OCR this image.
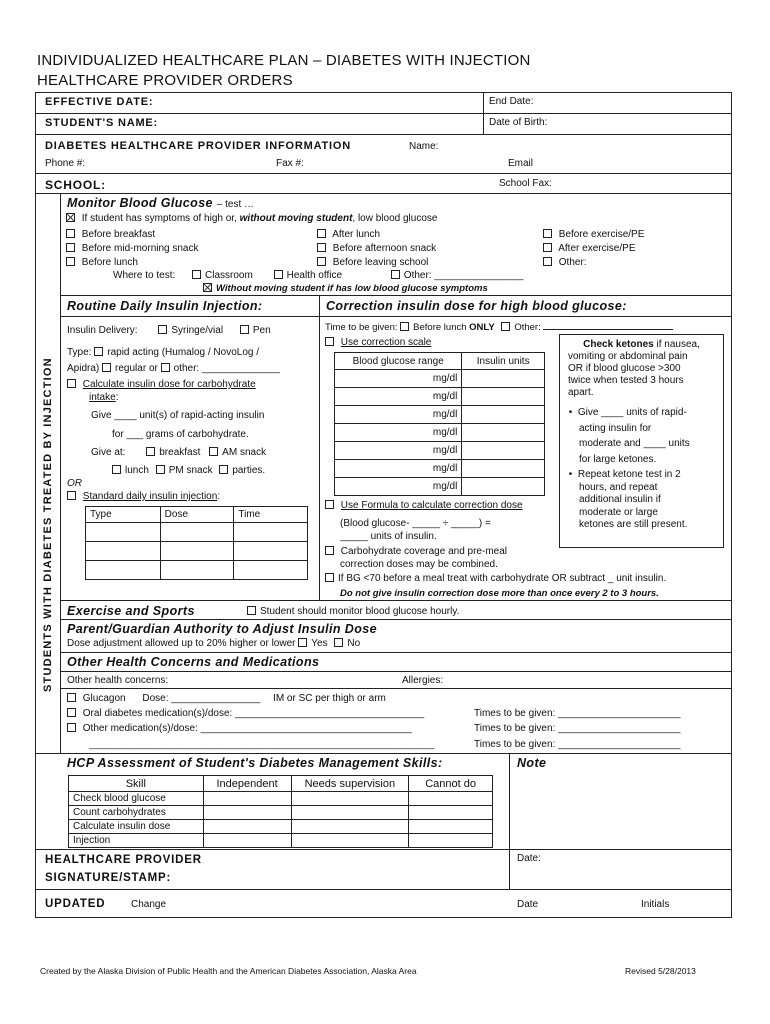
INDIVIDUALIZED HEALTHCARE PLAN – DIABETES WITH INJECTION
HEALTHCARE PROVIDER ORDERS
EFFECTIVE DATE:	End Date:
STUDENT'S NAME:	Date of Birth:
DIABETES HEALTHCARE PROVIDER INFORMATION	Name:
Phone #:	Fax #:	Email
SCHOOL:	School Fax:
STUDENTS WITH DIABETES TREATED BY INJECTION
Monitor Blood Glucose – test …
If student has symptoms of high or, without moving student, low blood glucose
Before breakfast
Before mid-morning snack
Before lunch
After lunch
Before afternoon snack
Before leaving school
Before exercise/PE
After exercise/PE
Other:
Where to test:	Classroom	Health office	Other: ________________
Without moving student if has low blood glucose symptoms
Routine Daily Insulin Injection:	Correction insulin dose for high blood glucose:
Insulin Delivery:	Syringe/vial	Pen
Type: rapid acting (Humalog / NovoLog /
Apidra) regular or other: ______________
Calculate insulin dose for carbohydrate
intake:
Give ____ unit(s) of rapid-acting insulin
for ___ grams of carbohydrate.
Give at:	breakfast AM snack
lunch PM snack parties.
OR
Standard daily insulin injection:
Type	Dose	Time

Time to be given: Before lunch ONLY Other:
Use correction scale
Blood glucose range	Insulin units
mg/dl	
mg/dl	
mg/dl	
mg/dl	
mg/dl	
mg/dl	
mg/dl	
Use Formula to calculate correction dose
(Blood glucose- _____ ÷ _____) =
_____ units of insulin.
Carbohydrate coverage and pre-meal
correction doses may be combined.
If BG <70 before a meal treat with carbohydrate OR subtract _ unit insulin.
Do not give insulin correction dose more than once every 2 to 3 hours.
Check ketones if nausea,
vomiting or abdominal pain
OR if blood glucose >300
twice when tested 3 hours
apart.
•  Give ____ units of rapid-
acting insulin for
moderate and ____ units
for large ketones.
•  Repeat ketone test in 2
hours, and repeat
additional insulin if
moderate or large
ketones are still present.
Exercise and Sports	Student should monitor blood glucose hourly.
Parent/Guardian Authority to Adjust Insulin Dose
Dose adjustment allowed up to 20% higher or lower Yes No
Other Health Concerns and Medications
Other health concerns:	Allergies:
Glucagon Dose: ________________ IM or SC per thigh or arm
Oral diabetes medication(s)/dose: __________________________________	Times to be given: ______________________
Other medication(s)/dose: ______________________________________	Times to be given: ______________________
_____________________________________________________________________	Times to be given: ______________________
HCP Assessment of Student's Diabetes Management Skills:	Note
Skill	Independent	Needs supervision	Cannot do
Check blood glucose			
Count carbohydrates			
Calculate insulin dose			
Injection			
HEALTHCARE PROVIDER
SIGNATURE/STAMP:
Date:
UPDATED	Change	Date	Initials
Created by the Alaska Division of Public Health and the American Diabetes Association, Alaska Area	Revised 5/28/2013
